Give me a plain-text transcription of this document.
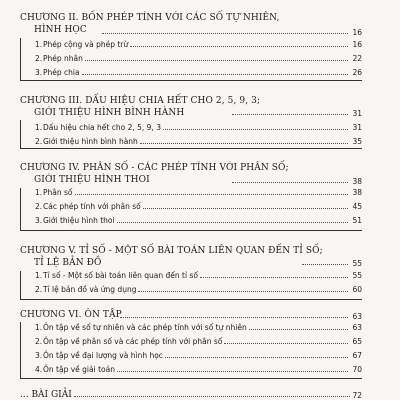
CHƯƠNG II. BỐN PHÉP TÍNH VỚI CÁC SỐ TỰ NHIÊN,
HÌNH HỌC	16
1. Phép cộng và phép trừ	16
2. Phép nhân	22
3. Phép chia	26
CHƯƠNG III. DẤU HIỆU CHIA HẾT CHO 2, 5, 9, 3;
GIỚI THIỆU HÌNH BÌNH HÀNH	31
1. Dấu hiệu chia hết cho 2, 5, 9, 3	31
2. Giới thiệu hình bình hành	35
CHƯƠNG IV. PHÂN SỐ - CÁC PHÉP TÍNH VỚI PHÂN SỐ;
GIỚI THIỆU HÌNH THOI	38
1. Phân số	38
2. Các phép tính với phân số	45
3. Giới thiệu hình thoi	51
CHƯƠNG V. TỈ SỐ - MỘT SỐ BÀI TOÁN LIÊN QUAN ĐẾN TỈ SỐ;
TỈ LỆ BẢN ĐỒ	55
1. Tỉ số - Một số bài toán liên quan đến tỉ số	55
2. Tỉ lệ bản đồ và ứng dụng	60
CHƯƠNG VI. ÔN TẬP	63
1. Ôn tập về số tự nhiên và các phép tính với số tự nhiên	63
2. Ôn tập về phân số và các phép tính với phân số	65
3. Ôn tập về đại lượng và hình học	67
4. Ôn tập về giải toán	70
... BÀI GIẢI	72
